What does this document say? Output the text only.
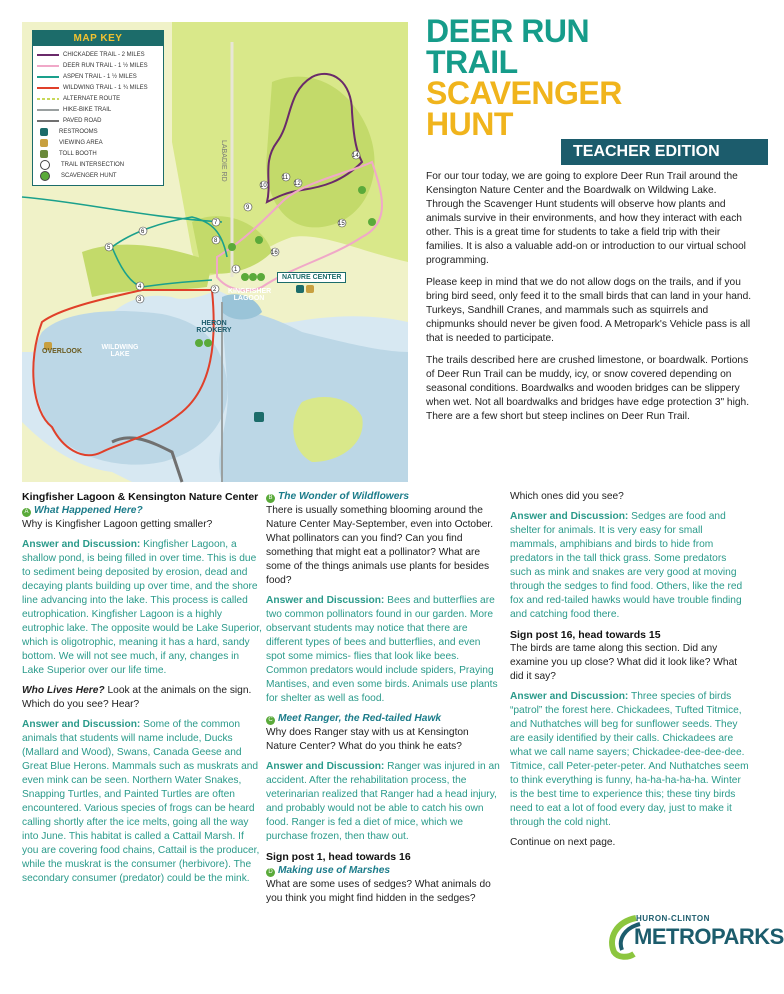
1
2
3
4
5
6
7
8
9
10
11
12
14
15
16
MAP KEY
CHICKADEE TRAIL - 2 MILES
DEER RUN TRAIL - 1 ½ MILES
ASPEN TRAIL - 1 ½ MILES
WILDWING TRAIL - 1 ¾ MILES
ALTERNATE ROUTE
HIKE-BIKE TRAIL
PAVED ROAD
RESTROOMS
VIEWING AREA
TOLL BOOTH
TRAIL INTERSECTION
SCAVENGER HUNT	LABADIE RD
OVERLOOK
WILDWING LAKE
HERON ROOKERY
KINGFISHER LAGOON
NATURE CENTER
DEER RUN
TRAIL
SCAVENGER
HUNT
TEACHER EDITION

For our tour today, we are going to explore Deer Run Trail around the Kensington Nature Center and the Boardwalk on Wildwing Lake. Through the Scavenger Hunt students will observe how plants and animals survive in their environments, and how they interact with each other. This is a great time for students to take a field trip with their families. It is also a valuable add-on or introduction to our virtual school programming.

Please keep in mind that we do not allow dogs on the trails, and if you bring bird seed, only feed it to the small birds that can land in your hand. Turkeys, Sandhill Cranes, and mammals such as squirrels and chipmunks should never be given food. A Metropark's Vehicle pass is all that is needed to participate.

The trails described here are crushed limestone, or boardwalk. Portions of Deer Run Trail can be muddy, icy, or snow covered depending on seasonal conditions. Boardwalks and wooden bridges can be slippery when wet. Not all boardwalks and bridges have edge protection 3" high. There are a few short but steep inclines on Deer Run Trail.

Kingfisher Lagoon & Kensington Nature Center
A What Happened Here?

Why is Kingfisher Lagoon getting smaller?

Answer and Discussion: Kingfisher Lagoon, a shallow pond, is being filled in over time. This is due to sediment being deposited by erosion, dead and decaying plants building up over time, and the shore line advancing into the lake. This process is called eutrophication. Kingfisher Lagoon is a highly eutrophic lake. The opposite would be Lake Superior, which is oligotrophic, meaning it has a hard, sandy bottom. We will not see much, if any, changes in Lake Superior over our life time.

Who Lives Here? Look at the animals on the sign. Which do you see? Hear?

Answer and Discussion: Some of the common animals that students will name include, Ducks (Mallard and Wood), Swans, Canada Geese and Great Blue Herons. Mammals such as muskrats and even mink can be seen. Northern Water Snakes, Snapping Turtles, and Painted Turtles are often encountered. Various species of frogs can be heard calling shortly after the ice melts, going all the way into June. This habitat is called a Cattail Marsh. If you are covering food chains, Cattail is the producer, while the muskrat is the consumer (herbivore). The secondary consumer (predator) could be the mink.

B The Wonder of Wildflowers

There is usually something blooming around the Nature Center May-September, even into October. What pollinators can you find? Can you find something that might eat a pollinator? What are some of the things animals use plants for besides food?

Answer and Discussion: Bees and butterflies are two common pollinators found in our garden. More observant students may notice that there are different types of bees and butterflies, and even spot some mimics- flies that look like bees. Common predators would include spiders, Praying Mantises, and even some birds. Animals use plants for shelter as well as food.

C Meet Ranger, the Red-tailed Hawk

Why does Ranger stay with us at Kensington Nature Center? What do you think he eats?

Answer and Discussion: Ranger was injured in an accident. After the rehabilitation process, the veterinarian realized that Ranger had a head injury, and probably would not be able to catch his own food. Ranger is fed a diet of mice, which we purchase frozen, then thaw out.

Sign post 1, head towards 16
D Making use of Marshes

What are some uses of sedges? What animals do you think you might find hidden in the sedges?

Which ones did you see?

Answer and Discussion: Sedges are food and shelter for animals. It is very easy for small mammals, amphibians and birds to hide from predators in the tall thick grass. Some predators such as mink and snakes are very good at moving through the sedges to find food. Others, like the red fox and red-tailed hawks would have trouble finding and catching food there.

Sign post 16, head towards 15

The birds are tame along this section. Did any examine you up close? What did it look like? What did it say?

Answer and Discussion: Three species of birds “patrol” the forest here. Chickadees, Tufted Titmice, and Nuthatches will beg for sunflower seeds. They are easily identified by their calls. Chickadees are what we call name sayers; Chickadee-dee-dee-dee. Titmice, call Peter-peter-peter. And Nuthatches seem to think everything is funny, ha-ha-ha-ha-ha. Winter is the best time to experience this; these tiny birds need to eat a lot of food every day, just to make it through the cold night.

Continue on next page.

HURON-CLINTON
METROPARKS
